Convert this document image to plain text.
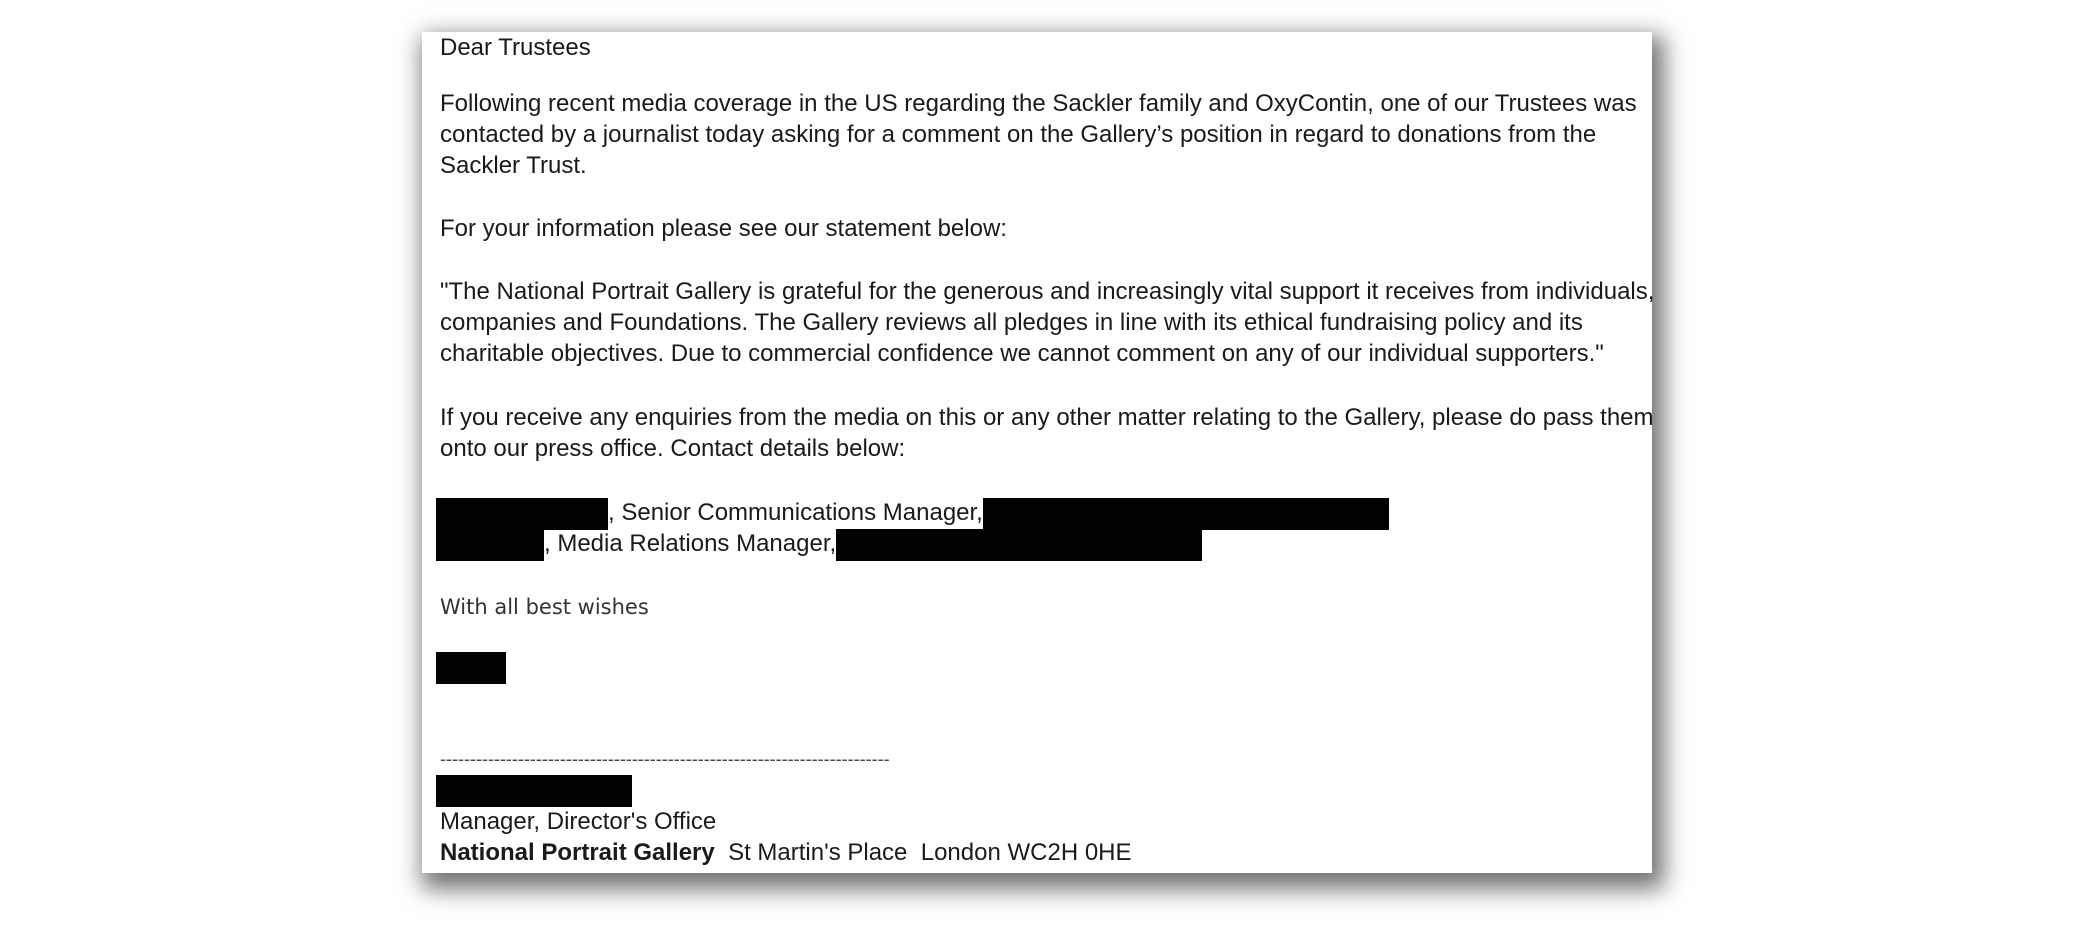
Dear Trustees

Following recent media coverage in the US regarding the Sackler family and OxyContin, one of our Trustees was

contacted by a journalist today asking for a comment on the Gallery’s position in regard to donations from the

Sackler Trust.

For your information please see our statement below:

"The National Portrait Gallery is grateful for the generous and increasingly vital support it receives from individuals,

companies and Foundations. The Gallery reviews all pledges in line with its ethical fundraising policy and its

charitable objectives. Due to commercial confidence we cannot comment on any of our individual supporters."

If you receive any enquiries from the media on this or any other matter relating to the Gallery, please do pass them

onto our press office. Contact details below:

, Senior Communications Manager,
, Media Relations Manager,

With all best wishes

---------------------------------------------------------------------------

Manager, Director's Office

National Portrait Gallery  St Martin's Place  London WC2H 0HE
